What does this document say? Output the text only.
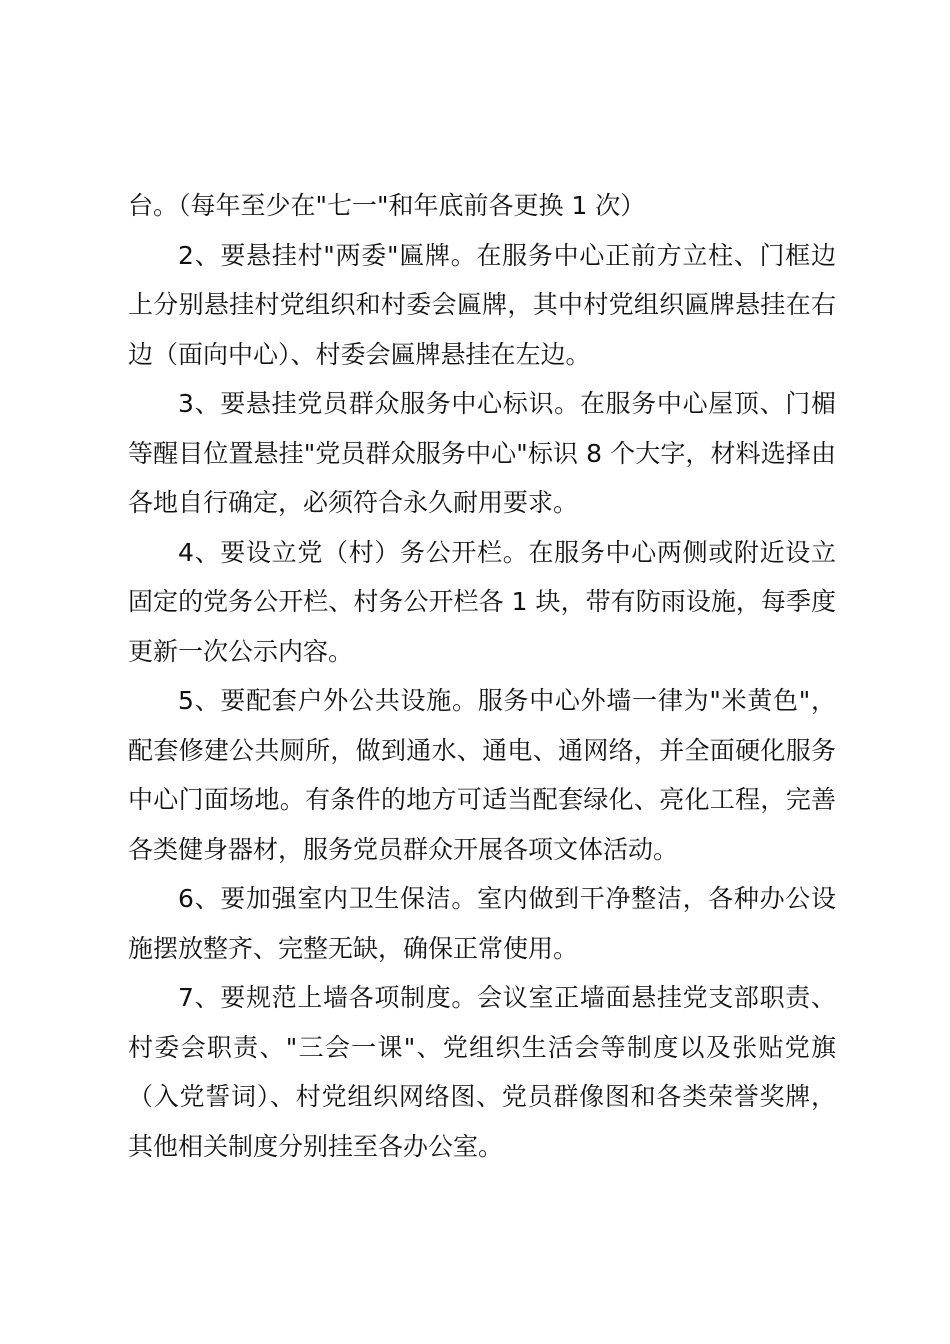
台。（每年至少在"七一"和年底前各更换 1 次）

2、要悬挂村"两委"匾牌。在服务中心正前方立柱、门框边上分别悬挂村党组织和村委会匾牌，其中村党组织匾牌悬挂在右边（面向中心）、村委会匾牌悬挂在左边。

3、要悬挂党员群众服务中心标识。在服务中心屋顶、门楣等醒目位置悬挂"党员群众服务中心"标识 8 个大字，材料选择由各地自行确定，必须符合永久耐用要求。

4、要设立党（村）务公开栏。在服务中心两侧或附近设立固定的党务公开栏、村务公开栏各 1 块，带有防雨设施，每季度更新一次公示内容。

5、要配套户外公共设施。服务中心外墙一律为"米黄色"，配套修建公共厕所，做到通水、通电、通网络，并全面硬化服务中心门面场地。有条件的地方可适当配套绿化、亮化工程，完善各类健身器材，服务党员群众开展各项文体活动。

6、要加强室内卫生保洁。室内做到干净整洁，各种办公设施摆放整齐、完整无缺，确保正常使用。

7、要规范上墙各项制度。会议室正墙面悬挂党支部职责、村委会职责、"三会一课"、党组织生活会等制度以及张贴党旗（入党誓词）、村党组织网络图、党员群像图和各类荣誉奖牌，其他相关制度分别挂至各办公室。
